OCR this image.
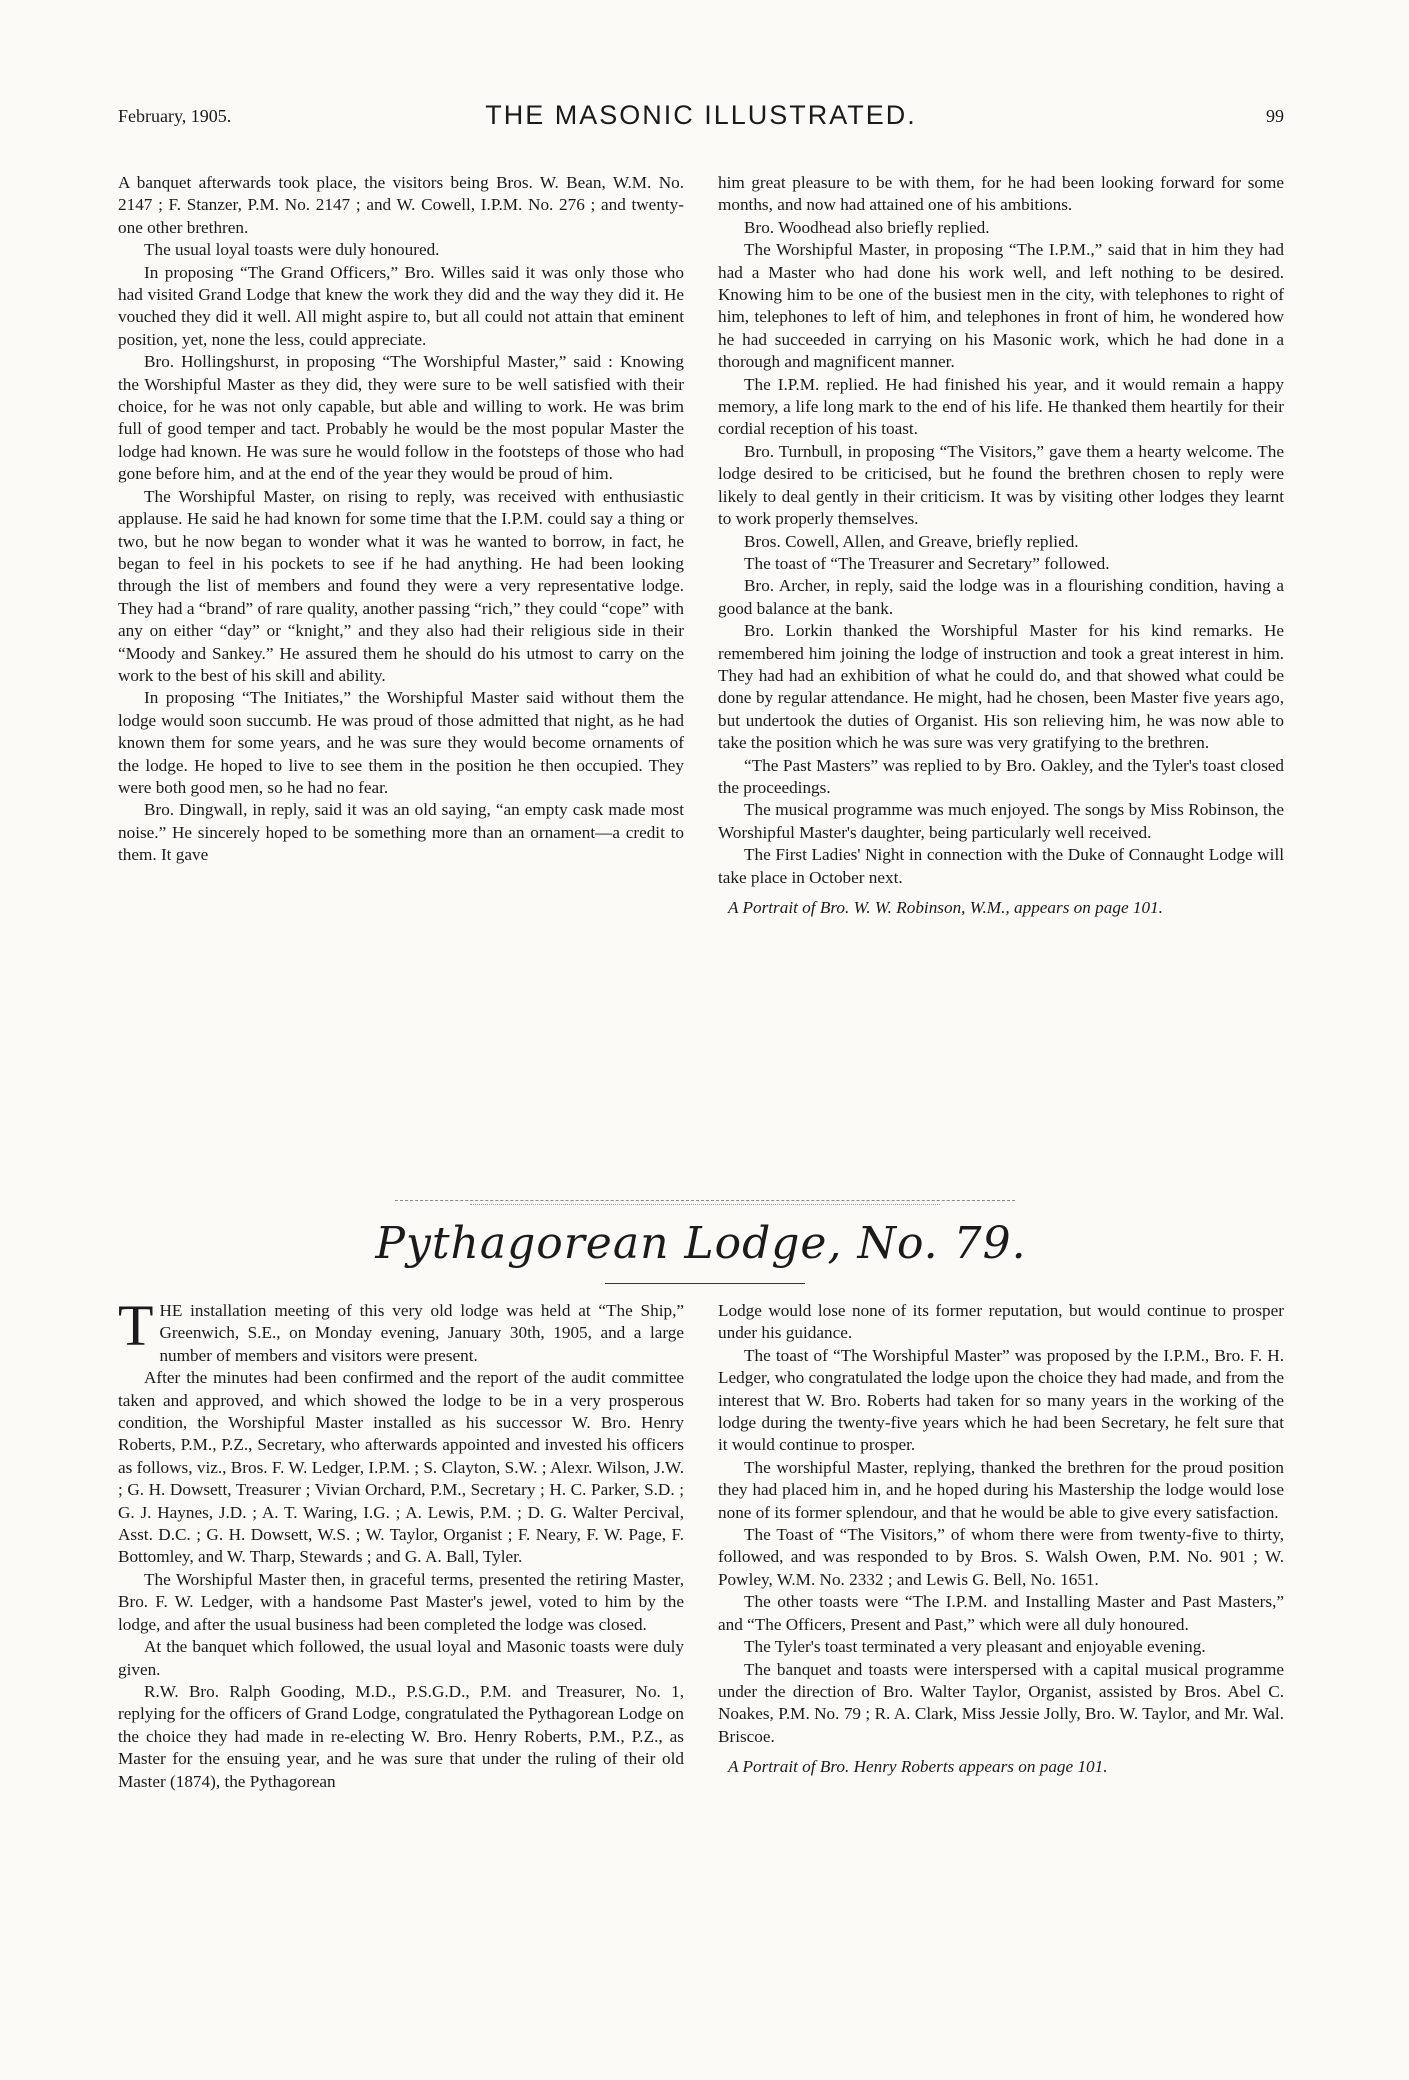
February, 1905.	THE MASONIC ILLUSTRATED.	99

A banquet afterwards took place, the visitors being Bros. W. Bean, W.M. No. 2147 ; F. Stanzer, P.M. No. 2147 ; and W. Cowell, I.P.M. No. 276 ; and twenty-one other brethren.

The usual loyal toasts were duly honoured.

In proposing “The Grand Officers,” Bro. Willes said it was only those who had visited Grand Lodge that knew the work they did and the way they did it. He vouched they did it well. All might aspire to, but all could not attain that eminent position, yet, none the less, could appreciate.

Bro. Hollingshurst, in proposing “The Worshipful Master,” said : Knowing the Worshipful Master as they did, they were sure to be well satisfied with their choice, for he was not only capable, but able and willing to work. He was brim full of good temper and tact. Probably he would be the most popular Master the lodge had known. He was sure he would follow in the footsteps of those who had gone before him, and at the end of the year they would be proud of him.

The Worshipful Master, on rising to reply, was received with enthusiastic applause. He said he had known for some time that the I.P.M. could say a thing or two, but he now began to wonder what it was he wanted to borrow, in fact, he began to feel in his pockets to see if he had anything. He had been looking through the list of members and found they were a very representative lodge. They had a “brand” of rare quality, another passing “rich,” they could “cope” with any on either “day” or “knight,” and they also had their religious side in their “Moody and Sankey.” He assured them he should do his utmost to carry on the work to the best of his skill and ability.

In proposing “The Initiates,” the Worshipful Master said without them the lodge would soon succumb. He was proud of those admitted that night, as he had known them for some years, and he was sure they would become ornaments of the lodge. He hoped to live to see them in the position he then occupied. They were both good men, so he had no fear.

Bro. Dingwall, in reply, said it was an old saying, “an empty cask made most noise.” He sincerely hoped to be something more than an ornament—a credit to them. It gave

him great pleasure to be with them, for he had been looking forward for some months, and now had attained one of his ambitions.

Bro. Woodhead also briefly replied.

The Worshipful Master, in proposing “The I.P.M.,” said that in him they had had a Master who had done his work well, and left nothing to be desired. Knowing him to be one of the busiest men in the city, with telephones to right of him, telephones to left of him, and telephones in front of him, he wondered how he had succeeded in carrying on his Masonic work, which he had done in a thorough and magnificent manner.

The I.P.M. replied. He had finished his year, and it would remain a happy memory, a life long mark to the end of his life. He thanked them heartily for their cordial reception of his toast.

Bro. Turnbull, in proposing “The Visitors,” gave them a hearty welcome. The lodge desired to be criticised, but he found the brethren chosen to reply were likely to deal gently in their criticism. It was by visiting other lodges they learnt to work properly themselves.

Bros. Cowell, Allen, and Greave, briefly replied.

The toast of “The Treasurer and Secretary” followed.

Bro. Archer, in reply, said the lodge was in a flourishing condition, having a good balance at the bank.

Bro. Lorkin thanked the Worshipful Master for his kind remarks. He remembered him joining the lodge of instruction and took a great interest in him. They had had an exhibition of what he could do, and that showed what could be done by regular attendance. He might, had he chosen, been Master five years ago, but undertook the duties of Organist. His son relieving him, he was now able to take the position which he was sure was very gratifying to the brethren.

“The Past Masters” was replied to by Bro. Oakley, and the Tyler's toast closed the proceedings.

The musical programme was much enjoyed. The songs by Miss Robinson, the Worshipful Master's daughter, being particularly well received.

The First Ladies' Night in connection with the Duke of Connaught Lodge will take place in October next.

A Portrait of Bro. W. W. Robinson, W.M., appears on page 101.

Pythagorean Lodge, No. 79.

THE installation meeting of this very old lodge was held at “The Ship,” Greenwich, S.E., on Monday evening, January 30th, 1905, and a large number of members and visitors were present.

After the minutes had been confirmed and the report of the audit committee taken and approved, and which showed the lodge to be in a very prosperous condition, the Worshipful Master installed as his successor W. Bro. Henry Roberts, P.M., P.Z., Secretary, who afterwards appointed and invested his officers as follows, viz., Bros. F. W. Ledger, I.P.M. ; S. Clayton, S.W. ; Alexr. Wilson, J.W. ; G. H. Dowsett, Treasurer ; Vivian Orchard, P.M., Secretary ; H. C. Parker, S.D. ; G. J. Haynes, J.D. ; A. T. Waring, I.G. ; A. Lewis, P.M. ; D. G. Walter Percival, Asst. D.C. ; G. H. Dowsett, W.S. ; W. Taylor, Organist ; F. Neary, F. W. Page, F. Bottomley, and W. Tharp, Stewards ; and G. A. Ball, Tyler.

The Worshipful Master then, in graceful terms, presented the retiring Master, Bro. F. W. Ledger, with a handsome Past Master's jewel, voted to him by the lodge, and after the usual business had been completed the lodge was closed.

At the banquet which followed, the usual loyal and Masonic toasts were duly given.

R.W. Bro. Ralph Gooding, M.D., P.S.G.D., P.M. and Treasurer, No. 1, replying for the officers of Grand Lodge, congratulated the Pythagorean Lodge on the choice they had made in re-electing W. Bro. Henry Roberts, P.M., P.Z., as Master for the ensuing year, and he was sure that under the ruling of their old Master (1874), the Pythagorean

Lodge would lose none of its former reputation, but would continue to prosper under his guidance.

The toast of “The Worshipful Master” was proposed by the I.P.M., Bro. F. H. Ledger, who congratulated the lodge upon the choice they had made, and from the interest that W. Bro. Roberts had taken for so many years in the working of the lodge during the twenty-five years which he had been Secretary, he felt sure that it would continue to prosper.

The worshipful Master, replying, thanked the brethren for the proud position they had placed him in, and he hoped during his Mastership the lodge would lose none of its former splendour, and that he would be able to give every satisfaction.

The Toast of “The Visitors,” of whom there were from twenty-five to thirty, followed, and was responded to by Bros. S. Walsh Owen, P.M. No. 901 ; W. Powley, W.M. No. 2332 ; and Lewis G. Bell, No. 1651.

The other toasts were “The I.P.M. and Installing Master and Past Masters,” and “The Officers, Present and Past,” which were all duly honoured.

The Tyler's toast terminated a very pleasant and enjoyable evening.

The banquet and toasts were interspersed with a capital musical programme under the direction of Bro. Walter Taylor, Organist, assisted by Bros. Abel C. Noakes, P.M. No. 79 ; R. A. Clark, Miss Jessie Jolly, Bro. W. Taylor, and Mr. Wal. Briscoe.

A Portrait of Bro. Henry Roberts appears on page 101.
